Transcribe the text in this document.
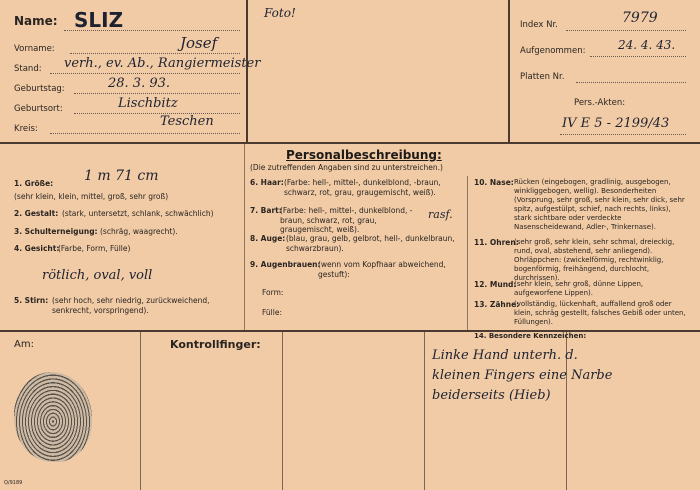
Name: SLIZ
Vorname:	Josef
Stand: verh., ev. Ab., Rangiermeister
Geburtstag:	28. 3. 93.
Geburtsort:	Lischbitz
Kreis:	Teschen
Foto!
Index Nr.	7979
Aufgenommen:	24. 4. 43.
Platten Nr.
Pers.-Akten:
IV E 5 - 2199/43
Personalbeschreibung:
(Die zutreffenden Angaben sind zu unterstreichen.)
1. Größe: 1 m 71 cm
(sehr klein, klein, mittel, groß, sehr groß)
2. Gestalt: (stark, untersetzt, schlank, schwächlich)
3. Schulterneigung: (schräg, waagrecht).
4. Gesicht:
(Farbe, Form, Fülle)
rötlich, oval, voll
5. Stirn: (sehr hoch, sehr niedrig, zurückweichend, senkrecht, vorspringend).
6. Haar: (Farbe: hell-, mittel-, dunkelblond, -braun, schwarz, rot, grau, graugemischt, weiß).
7. Bart:
(Farbe: hell-, mittel-, dunkelblond, -braun, schwarz, rot, grau, graugemischt, weiß).
rasf.
8. Auge: (blau, grau, gelb, gelbrot, hell-, dunkelbraun, schwarzbraun).
9. Augenbrauen:
(wenn vom Kopfhaar abweichend, gestuft):
Form:
Fülle:
10. Nase: Rücken (eingebogen, gradlinig, ausgebogen, winkliggebogen, wellig). Besonderheiten (Vorsprung, sehr groß, sehr klein, sehr dick, sehr spitz, aufgestülpt, schief, nach rechts, links), stark sichtbare oder verdeckte Nasenscheidewand, Adler-, Trinkernase).
11. Ohren:
(sehr groß, sehr klein, sehr schmal, dreieckig, rund, oval, abstehend, sehr anliegend). Ohrläppchen: (zwickelförmig, rechtwinklig, bogenförmig, freihängend, durchlocht, durchrissen).
12. Mund:
(sehr klein, sehr groß, dünne Lippen, aufgeworfene Lippen).
13. Zähne:
(vollständig, lückenhaft, auffallend groß oder klein, schräg gestellt, falsches Gebiß oder unten, Füllungen).
14. Besondere Kennzeichen:
Am:	Kontrollfinger:
Q/9189
Linke Hand unterh. d.
kleinen Fingers eine Narbe
beiderseits (Hieb)
